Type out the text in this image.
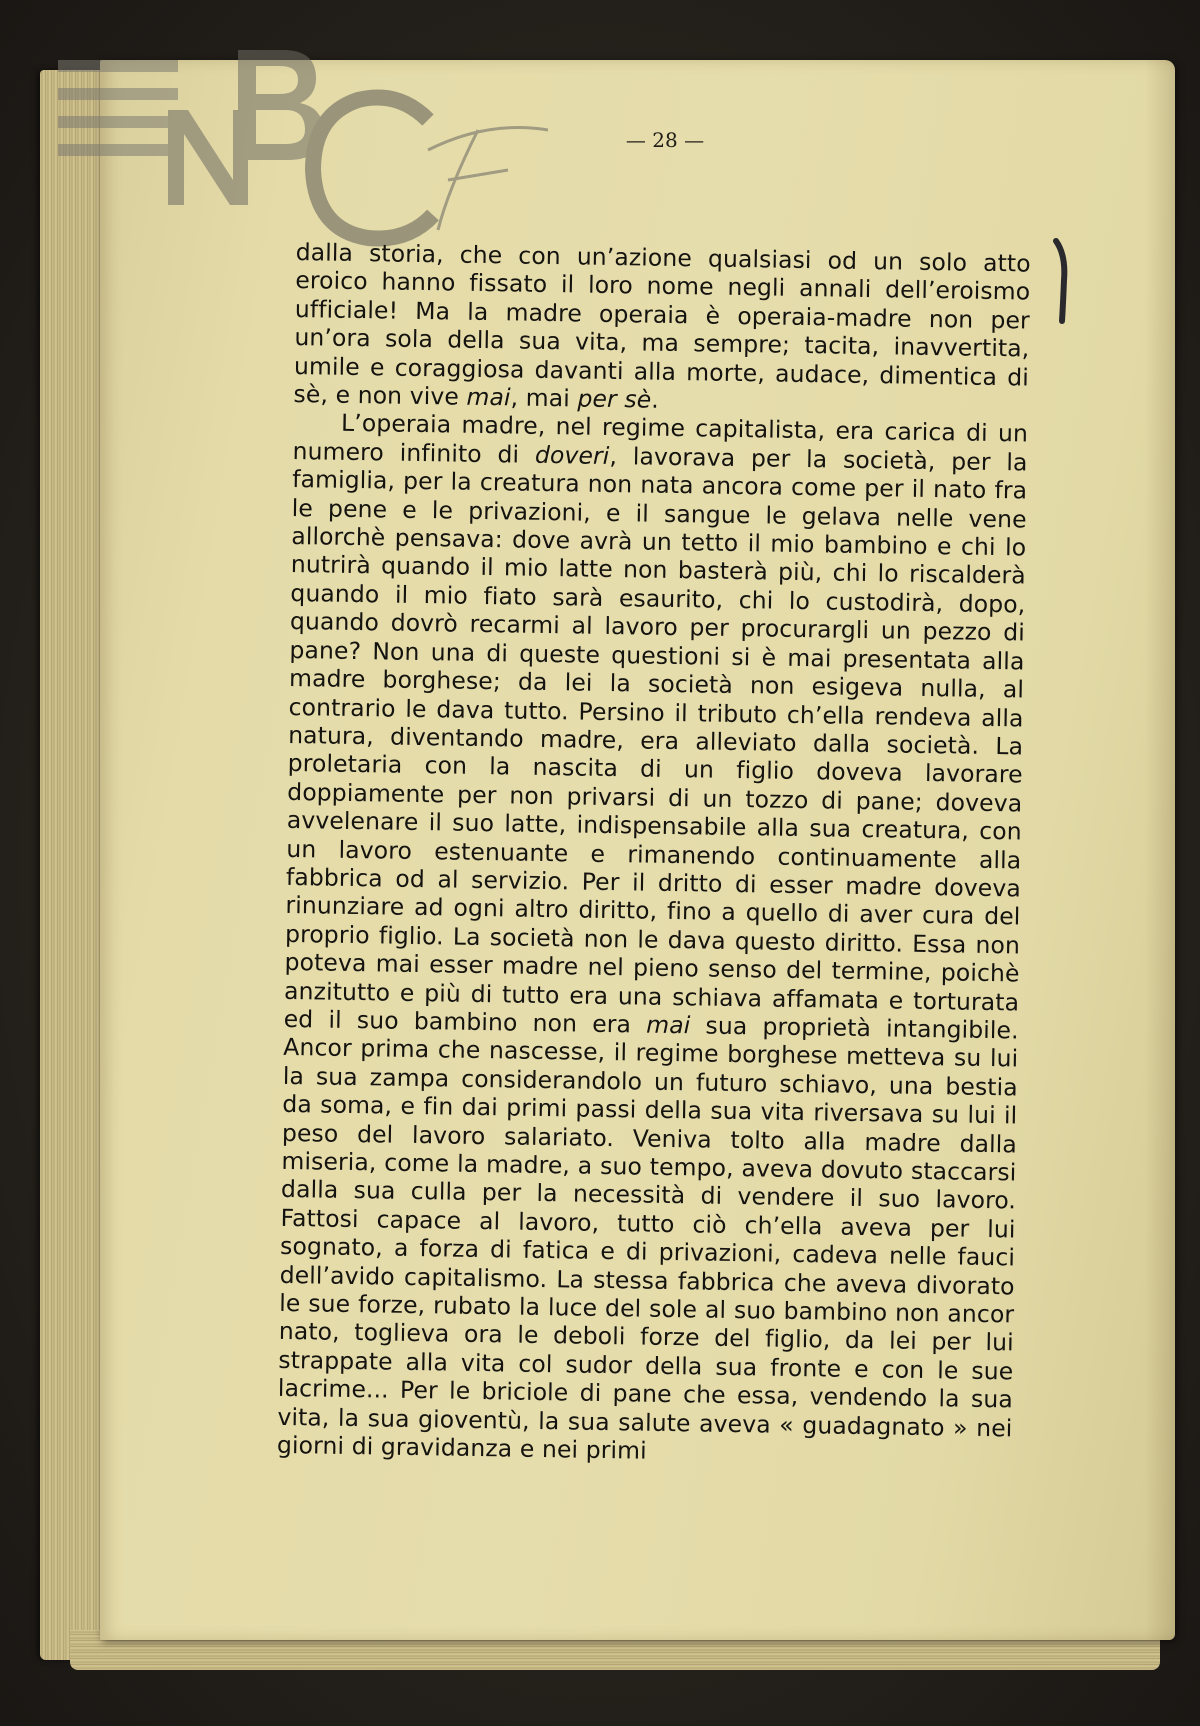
— 28 —

dalla storia, che con un’azione qualsiasi od un solo atto eroico hanno fissato il loro nome negli annali dell’eroismo ufficiale! Ma la madre operaia è operaia-madre non per un’ora sola della sua vita, ma sempre; tacita, inavvertita, umile e coraggiosa davanti alla morte, audace, dimentica di sè, e non vive mai, mai per sè.

L’operaia madre, nel regime capitalista, era carica di un numero infinito di doveri, lavorava per la società, per la famiglia, per la creatura non nata ancora come per il nato fra le pene e le privazioni, e il sangue le gelava nelle vene allorchè pensava: dove avrà un tetto il mio bambino e chi lo nutrirà quando il mio latte non basterà più, chi lo riscalderà quando il mio fiato sarà esaurito, chi lo custodirà, dopo, quando dovrò recarmi al lavoro per procurargli un pezzo di pane? Non una di queste questioni si è mai presentata alla madre borghese; da lei la società non esigeva nulla, al contrario le dava tutto. Persino il tributo ch’ella rendeva alla natura, diventando madre, era alleviato dalla società. La proletaria con la nascita di un figlio doveva lavorare doppiamente per non privarsi di un tozzo di pane; doveva avvelenare il suo latte, indispensabile alla sua creatura, con un lavoro estenuante e rimanendo continuamente alla fabbrica od al servizio. Per il dritto di esser madre doveva rinunziare ad ogni altro diritto, fino a quello di aver cura del proprio figlio. La società non le dava questo diritto. Essa non poteva mai esser madre nel pieno senso del termine, poichè anzitutto e più di tutto era una schiava affamata e torturata ed il suo bambino non era mai sua proprietà intangibile. Ancor prima che nascesse, il regime borghese metteva su lui la sua zampa considerandolo un futuro schiavo, una bestia da soma, e fin dai primi passi della sua vita riversava su lui il peso del lavoro salariato. Veniva tolto alla madre dalla miseria, come la madre, a suo tempo, aveva dovuto staccarsi dalla sua culla per la necessità di vendere il suo lavoro. Fattosi capace al lavoro, tutto ciò ch’ella aveva per lui sognato, a forza di fatica e di privazioni, cadeva nelle fauci dell’avido capitalismo. La stessa fabbrica che aveva divorato le sue forze, rubato la luce del sole al suo bambino non ancor nato, toglieva ora le deboli forze del figlio, da lei per lui strappate alla vita col sudor della sua fronte e con le sue lacrime... Per le briciole di pane che essa, vendendo la sua vita, la sua gioventù, la sua salute aveva « guadagnato » nei giorni di gravidanza e nei primi
